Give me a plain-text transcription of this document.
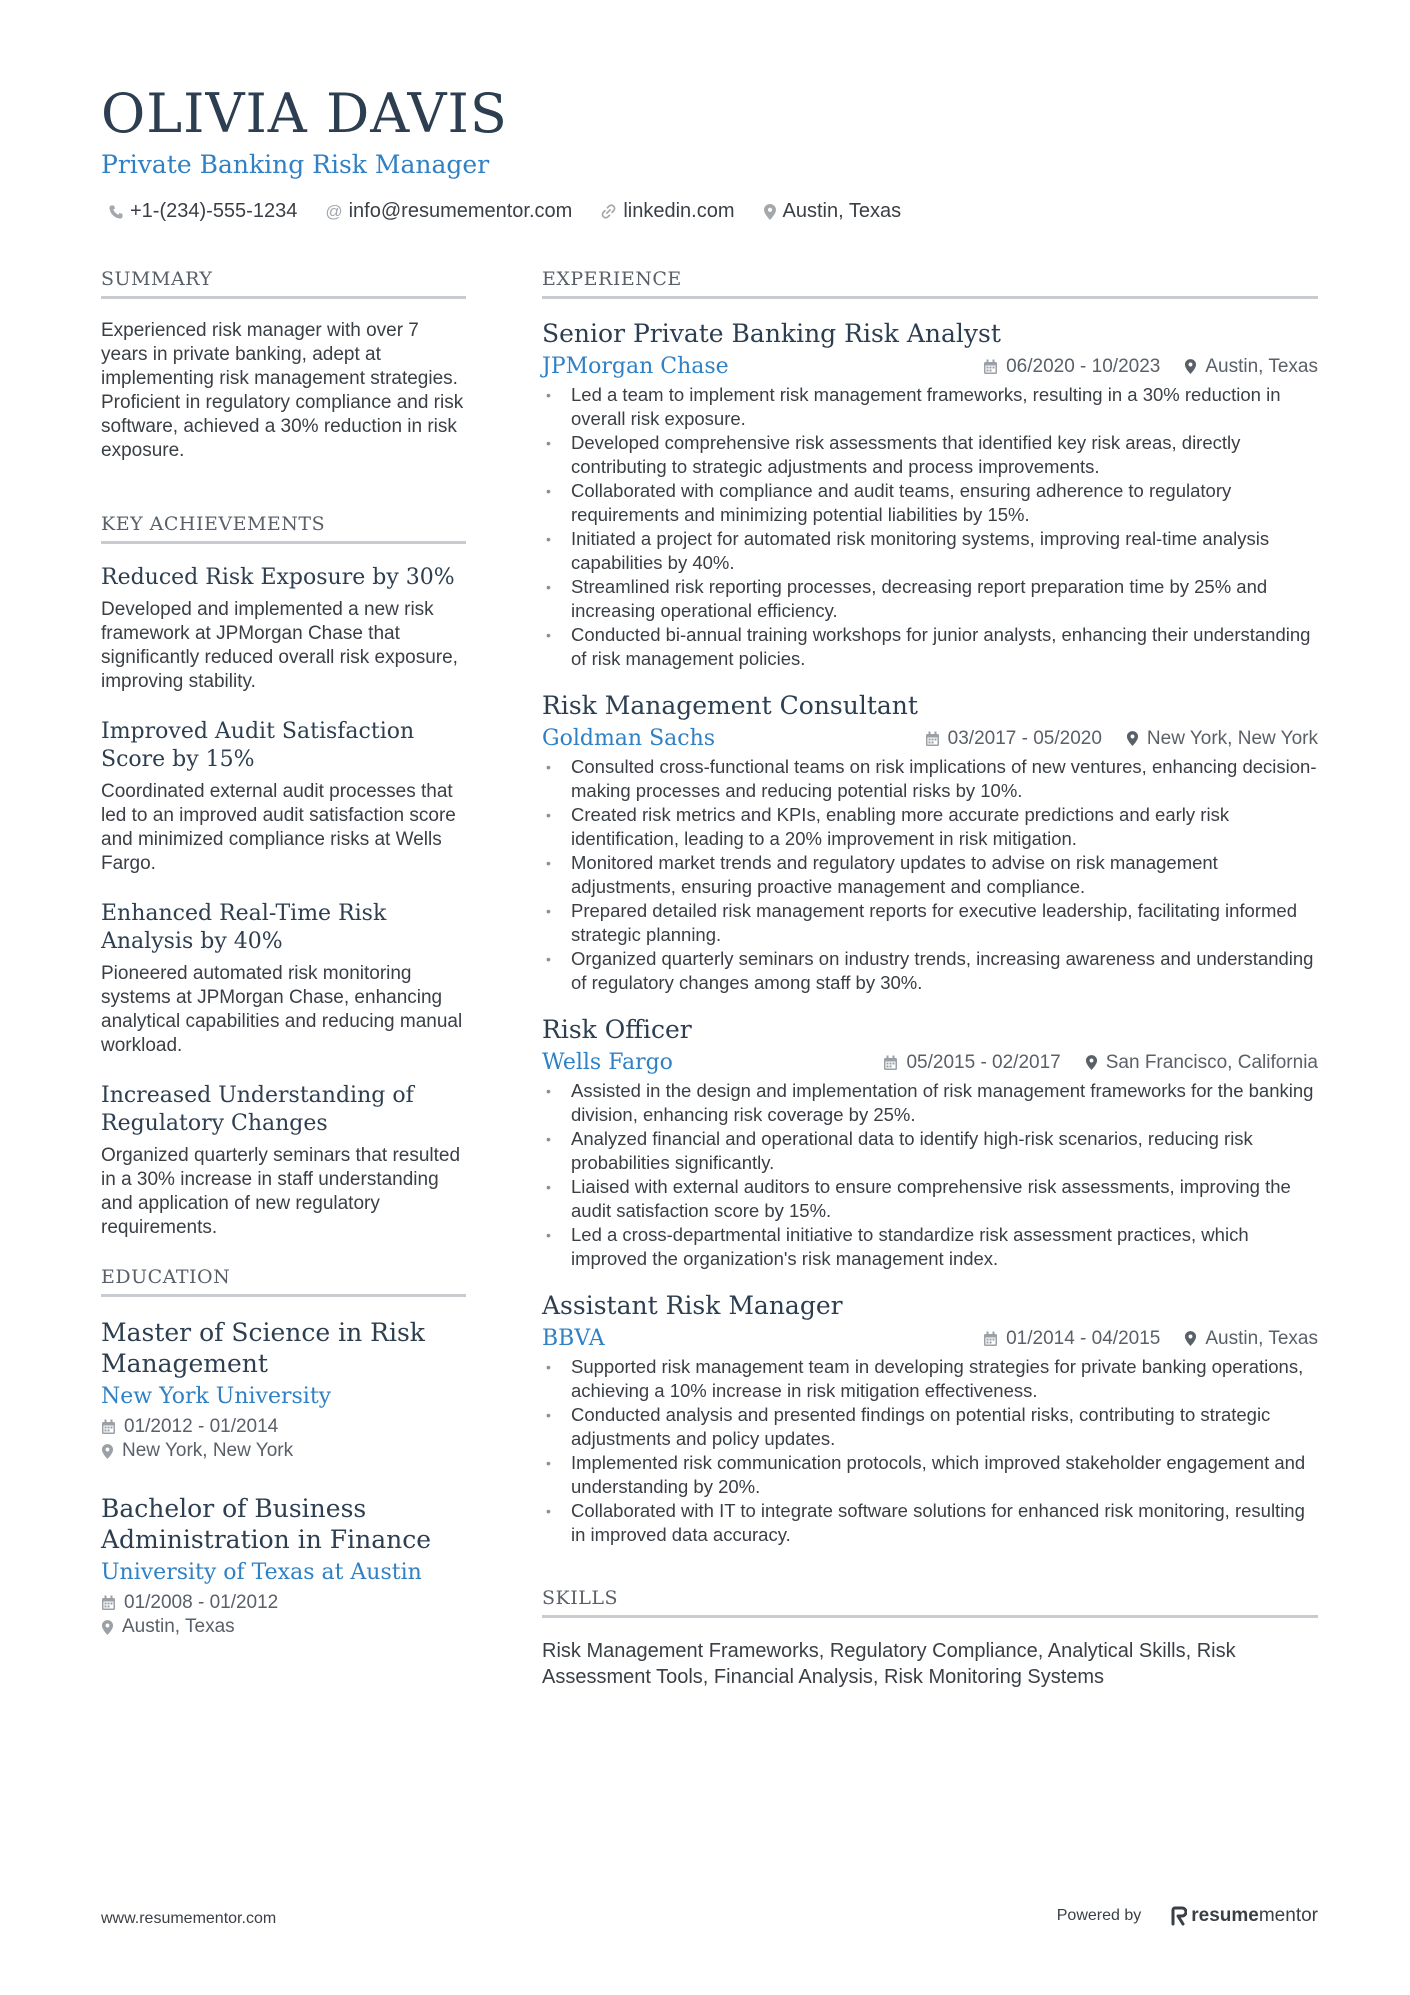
OLIVIA DAVIS
Private Banking Risk Manager
+1-(234)-555-1234 @ info@resumementor.com	linkedin.com Austin, Texas
SUMMARY

Experienced risk manager with over 7 years in private banking, adept at implementing risk management strategies. Proficient in regulatory compliance and risk software, achieved a 30% reduction in risk exposure.

KEY ACHIEVEMENTS
Reduced Risk Exposure by 30%
Developed and implemented a new risk framework at JPMorgan Chase that significantly reduced overall risk exposure, improving stability.
Improved Audit Satisfaction Score by 15%
Coordinated external audit processes that led to an improved audit satisfaction score and minimized compliance risks at Wells Fargo.
Enhanced Real-Time Risk Analysis by 40%
Pioneered automated risk monitoring systems at JPMorgan Chase, enhancing analytical capabilities and reducing manual workload.
Increased Understanding of Regulatory Changes
Organized quarterly seminars that resulted in a 30% increase in staff understanding and application of new regulatory requirements.
EDUCATION
Master of Science in Risk Management
New York University
01/2012 - 01/2014
New York, New York
Bachelor of Business Administration in Finance
University of Texas at Austin
01/2008 - 01/2012
Austin, Texas
EXPERIENCE
Senior Private Banking Risk Analyst
JPMorgan Chase	06/2020 - 10/2023 Austin, Texas
• Led a team to implement risk management frameworks, resulting in a 30% reduction in overall risk exposure.
• Developed comprehensive risk assessments that identified key risk areas, directly contributing to strategic adjustments and process improvements.
• Collaborated with compliance and audit teams, ensuring adherence to regulatory requirements and minimizing potential liabilities by 15%.
• Initiated a project for automated risk monitoring systems, improving real-time analysis capabilities by 40%.
• Streamlined risk reporting processes, decreasing report preparation time by 25% and increasing operational efficiency.
• Conducted bi-annual training workshops for junior analysts, enhancing their understanding of risk management policies.
Risk Management Consultant
Goldman Sachs	03/2017 - 05/2020 New York, New York
• Consulted cross-functional teams on risk implications of new ventures, enhancing decision-making processes and reducing potential risks by 10%.
• Created risk metrics and KPIs, enabling more accurate predictions and early risk identification, leading to a 20% improvement in risk mitigation.
• Monitored market trends and regulatory updates to advise on risk management adjustments, ensuring proactive management and compliance.
• Prepared detailed risk management reports for executive leadership, facilitating informed strategic planning.
• Organized quarterly seminars on industry trends, increasing awareness and understanding of regulatory changes among staff by 30%.
Risk Officer
Wells Fargo	05/2015 - 02/2017 San Francisco, California
• Assisted in the design and implementation of risk management frameworks for the banking division, enhancing risk coverage by 25%.
• Analyzed financial and operational data to identify high-risk scenarios, reducing risk probabilities significantly.
• Liaised with external auditors to ensure comprehensive risk assessments, improving the audit satisfaction score by 15%.
• Led a cross-departmental initiative to standardize risk assessment practices, which improved the organization's risk management index.
Assistant Risk Manager
BBVA	01/2014 - 04/2015 Austin, Texas
• Supported risk management team in developing strategies for private banking operations, achieving a 10% increase in risk mitigation effectiveness.
• Conducted analysis and presented findings on potential risks, contributing to strategic adjustments and policy updates.
• Implemented risk communication protocols, which improved stakeholder engagement and understanding by 20%.
• Collaborated with IT to integrate software solutions for enhanced risk monitoring, resulting in improved data accuracy.
SKILLS

Risk Management Frameworks, Regulatory Compliance, Analytical Skills, Risk Assessment Tools, Financial Analysis, Risk Monitoring Systems

www.resumementor.com	Powered by	resume mentor
